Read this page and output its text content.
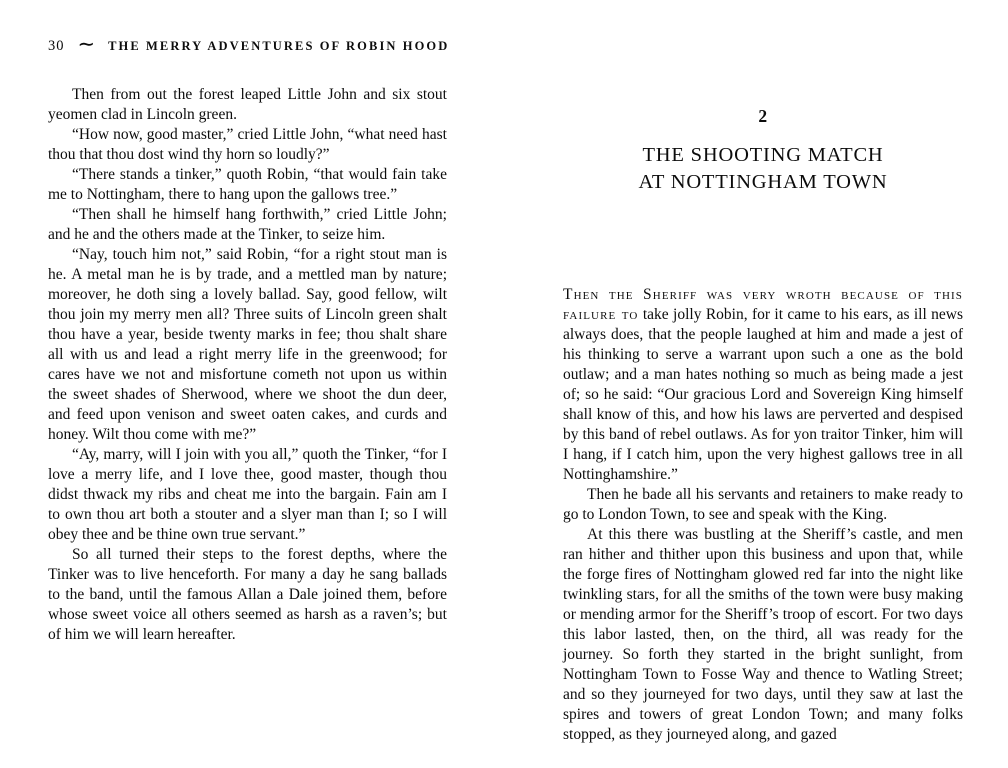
30 ∼ THE MERRY ADVENTURES OF ROBIN HOOD

Then from out the forest leaped Little John and six stout yeomen clad in Lincoln green.

“How now, good master,” cried Little John, “what need hast thou that thou dost wind thy horn so loudly?”

“There stands a tinker,” quoth Robin, “that would fain take me to Nottingham, there to hang upon the gallows tree.”

“Then shall he himself hang forthwith,” cried Little John; and he and the others made at the Tinker, to seize him.

“Nay, touch him not,” said Robin, “for a right stout man is he. A metal man he is by trade, and a mettled man by nature; moreover, he doth sing a lovely ballad. Say, good fellow, wilt thou join my merry men all? Three suits of Lincoln green shalt thou have a year, beside twenty marks in fee; thou shalt share all with us and lead a right merry life in the greenwood; for cares have we not and misfortune cometh not upon us within the sweet shades of Sherwood, where we shoot the dun deer, and feed upon venison and sweet oaten cakes, and curds and honey. Wilt thou come with me?”

“Ay, marry, will I join with you all,” quoth the Tinker, “for I love a merry life, and I love thee, good master, though thou didst thwack my ribs and cheat me into the bargain. Fain am I to own thou art both a stouter and a slyer man than I; so I will obey thee and be thine own true servant.”

So all turned their steps to the forest depths, where the Tinker was to live henceforth. For many a day he sang ballads to the band, until the famous Allan a Dale joined them, before whose sweet voice all others seemed as harsh as a raven’s; but of him we will learn hereafter.

2
THE SHOOTING MATCH
AT NOTTINGHAM TOWN

Then the Sheriff was very wroth because of this failure to take jolly Robin, for it came to his ears, as ill news always does, that the people laughed at him and made a jest of his thinking to serve a warrant upon such a one as the bold outlaw; and a man hates nothing so much as being made a jest of; so he said: “Our gracious Lord and Sovereign King himself shall know of this, and how his laws are perverted and despised by this band of rebel outlaws. As for yon traitor Tinker, him will I hang, if I catch him, upon the very highest gallows tree in all Nottinghamshire.”

Then he bade all his servants and retainers to make ready to go to London Town, to see and speak with the King.

At this there was bustling at the Sheriff’s castle, and men ran hither and thither upon this business and upon that, while the forge fires of Nottingham glowed red far into the night like twinkling stars, for all the smiths of the town were busy making or mending armor for the Sheriff’s troop of escort. For two days this labor lasted, then, on the third, all was ready for the journey. So forth they started in the bright sunlight, from Nottingham Town to Fosse Way and thence to Watling Street; and so they journeyed for two days, until they saw at last the spires and towers of great London Town; and many folks stopped, as they journeyed along, and gazed
